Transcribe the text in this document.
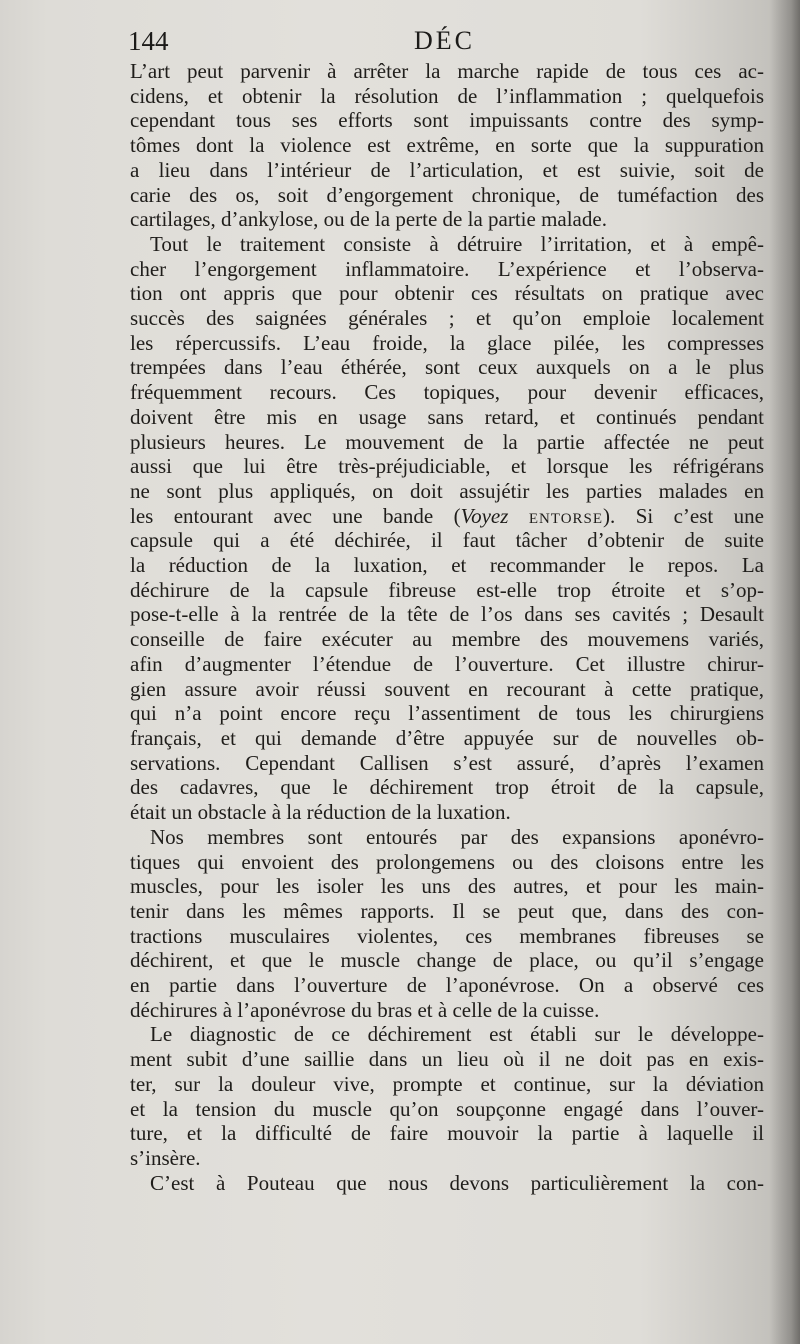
144	DÉC
L’art peut parvenir à arrêter la marche rapide de tous ces ac-
cidens, et obtenir la résolution de l’inflammation ; quelquefois
cependant tous ses efforts sont impuissants contre des symp-
tômes dont la violence est extrême, en sorte que la suppuration
a lieu dans l’intérieur de l’articulation, et est suivie, soit de
carie des os, soit d’engorgement chronique, de tuméfaction des
cartilages, d’ankylose, ou de la perte de la partie malade.
Tout le traitement consiste à détruire l’irritation, et à empê-
cher l’engorgement inflammatoire. L’expérience et l’observa-
tion ont appris que pour obtenir ces résultats on pratique avec
succès des saignées générales ; et qu’on emploie localement
les répercussifs. L’eau froide, la glace pilée, les compresses
trempées dans l’eau éthérée, sont ceux auxquels on a le plus
fréquemment recours. Ces topiques, pour devenir efficaces,
doivent être mis en usage sans retard, et continués pendant
plusieurs heures. Le mouvement de la partie affectée ne peut
aussi que lui être très-préjudiciable, et lorsque les réfrigérans
ne sont plus appliqués, on doit assujétir les parties malades en
les entourant avec une bande (Voyez entorse). Si c’est une
capsule qui a été déchirée, il faut tâcher d’obtenir de suite
la réduction de la luxation, et recommander le repos. La
déchirure de la capsule fibreuse est-elle trop étroite et s’op-
pose-t-elle à la rentrée de la tête de l’os dans ses cavités ; Desault
conseille de faire exécuter au membre des mouvemens variés,
afin d’augmenter l’étendue de l’ouverture. Cet illustre chirur-
gien assure avoir réussi souvent en recourant à cette pratique,
qui n’a point encore reçu l’assentiment de tous les chirurgiens
français, et qui demande d’être appuyée sur de nouvelles ob-
servations. Cependant Callisen s’est assuré, d’après l’examen
des cadavres, que le déchirement trop étroit de la capsule,
était un obstacle à la réduction de la luxation.
Nos membres sont entourés par des expansions aponévro-
tiques qui envoient des prolongemens ou des cloisons entre les
muscles, pour les isoler les uns des autres, et pour les main-
tenir dans les mêmes rapports. Il se peut que, dans des con-
tractions musculaires violentes, ces membranes fibreuses se
déchirent, et que le muscle change de place, ou qu’il s’engage
en partie dans l’ouverture de l’aponévrose. On a observé ces
déchirures à l’aponévrose du bras et à celle de la cuisse.
Le diagnostic de ce déchirement est établi sur le développe-
ment subit d’une saillie dans un lieu où il ne doit pas en exis-
ter, sur la douleur vive, prompte et continue, sur la déviation
et la tension du muscle qu’on soupçonne engagé dans l’ouver-
ture, et la difficulté de faire mouvoir la partie à laquelle il
s’insère.
C’est à Pouteau que nous devons particulièrement la con-
